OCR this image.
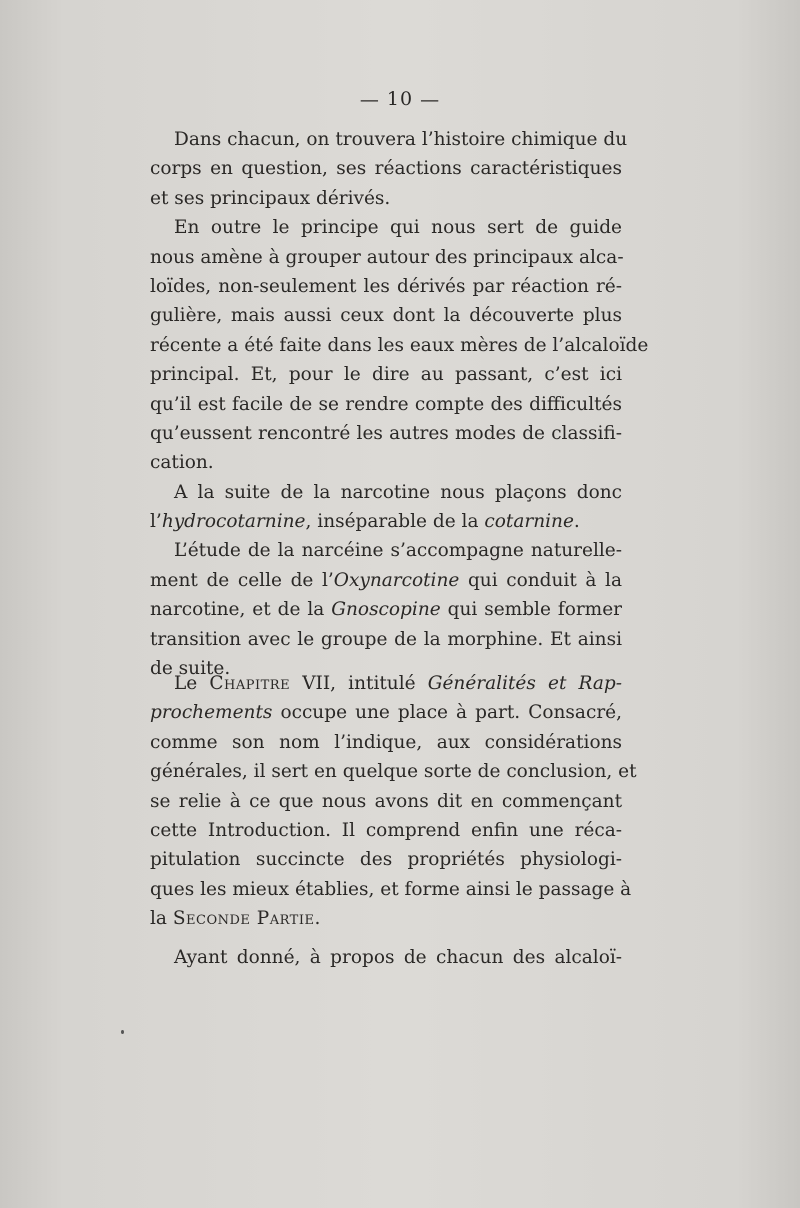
— 10 —
Dans chacun, on trouvera l’histoire chimique du
corps en question, ses réactions caractéristiques
et ses principaux dérivés.
En outre le principe qui nous sert de guide
nous amène à grouper autour des principaux alca-
loïdes, non-seulement les dérivés par réaction ré-
gulière, mais aussi ceux dont la découverte plus
récente a été faite dans les eaux mères de l’alcaloïde
principal. Et, pour le dire au passant, c’est ici
qu’il est facile de se rendre compte des difficultés
qu’eussent rencontré les autres modes de classifi-
cation.
A la suite de la narcotine nous plaçons donc
l’hydrocotarnine, inséparable de la cotarnine.
L’étude de la narcéine s’accompagne naturelle-
ment de celle de l’Oxynarcotine qui conduit à la
narcotine, et de la Gnoscopine qui semble former
transition avec le groupe de la morphine. Et ainsi
de suite.
Le Chapitre VII, intitulé Généralités et Rap-
prochements occupe une place à part. Consacré,
comme son nom l’indique, aux considérations
générales, il sert en quelque sorte de conclusion, et
se relie à ce que nous avons dit en commençant
cette Introduction. Il comprend enfin une réca-
pitulation succincte des propriétés physiologi-
ques les mieux établies, et forme ainsi le passage à
la Seconde Partie.
Ayant donné, à propos de chacun des alcaloï-
